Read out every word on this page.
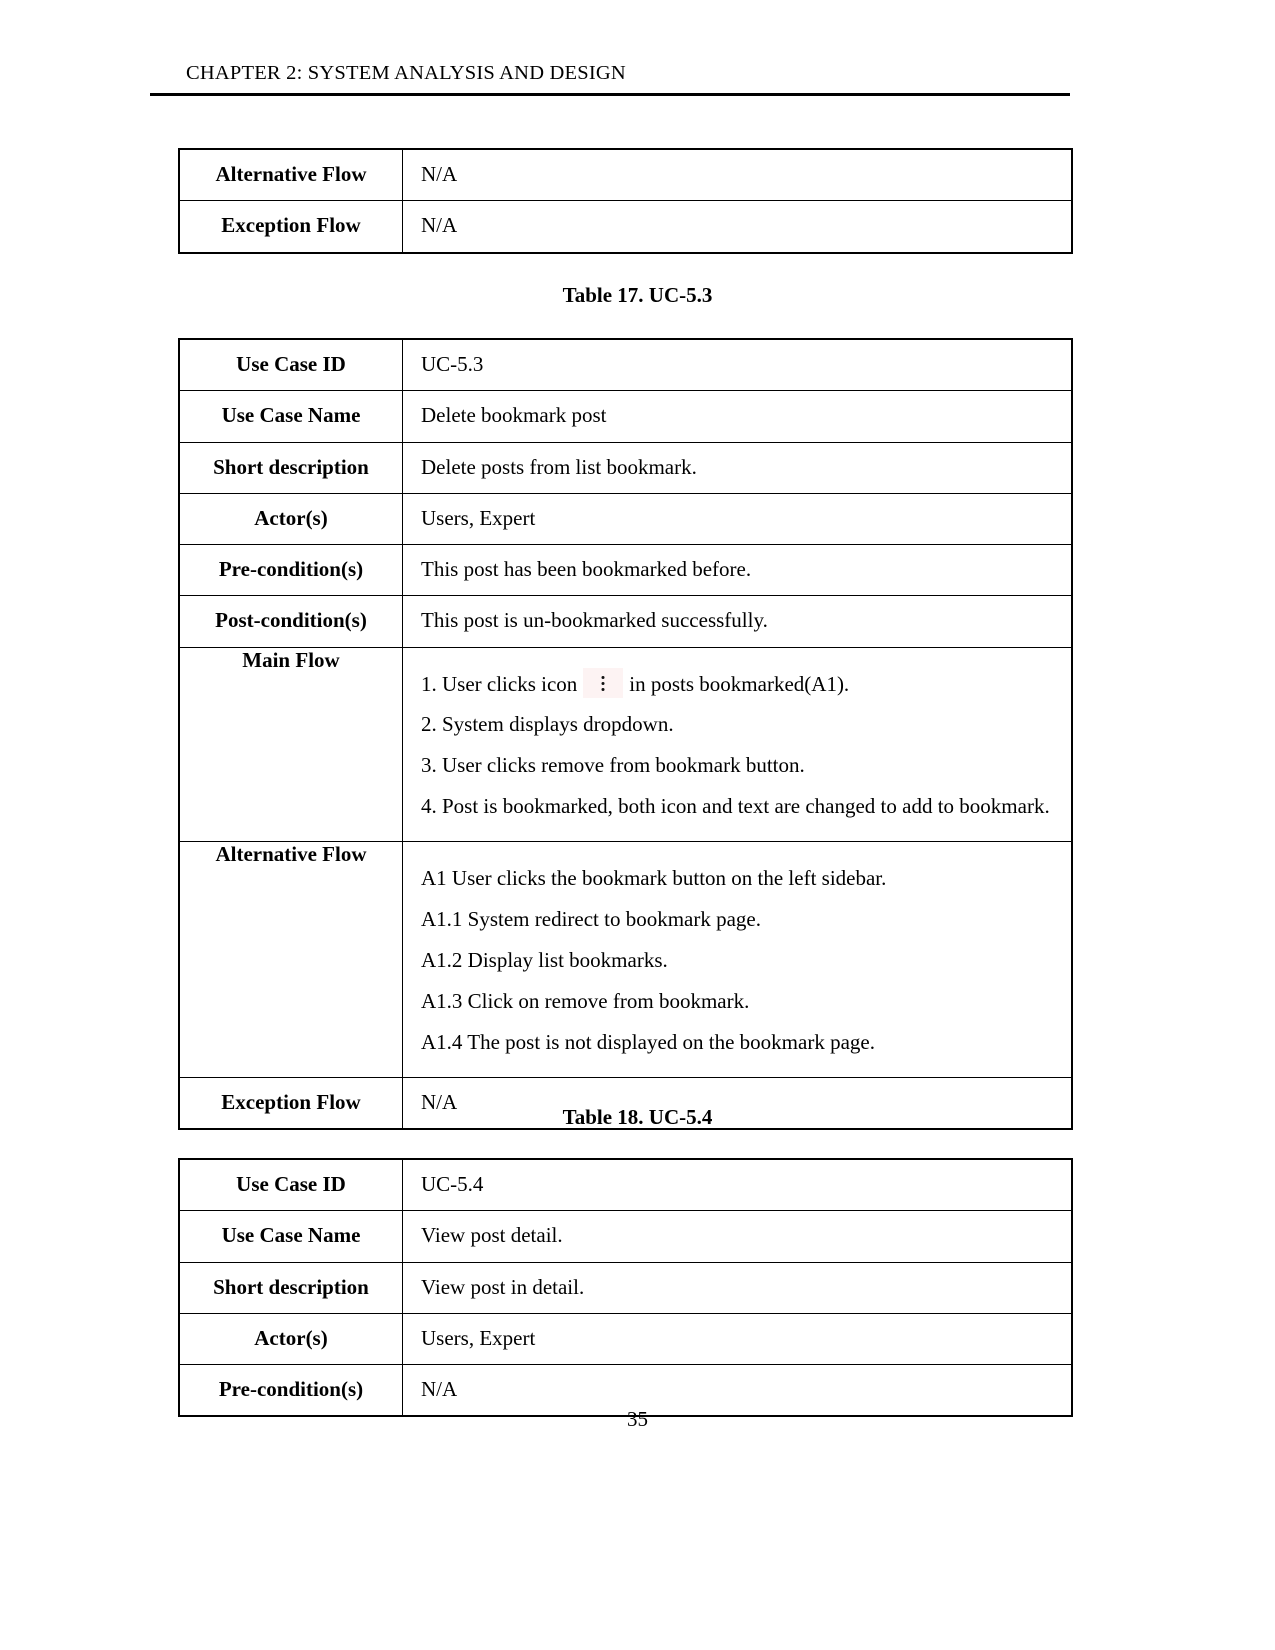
CHAPTER 2: SYSTEM ANALYSIS AND DESIGN
Alternative Flow	N/A

Exception Flow	N/A
Table 17. UC-5.3
Use Case ID	UC-5.3

Use Case Name	Delete bookmark post

Short description	Delete posts from list bookmark.

Actor(s)	Users, Expert

Pre-condition(s)	This post has been bookmarked before.

Post-condition(s)	This post is un-bookmarked successfully.

Main Flow	1. User clicks icon in posts bookmarked(A1).
2. System displays dropdown.
3. User clicks remove from bookmark button.
4. Post is bookmarked, both icon and text are changed to add to bookmark.

Alternative Flow	A1 User clicks the bookmark button on the left sidebar.
A1.1 System redirect to bookmark page.
A1.2 Display list bookmarks.
A1.3 Click on remove from bookmark.
A1.4 The post is not displayed on the bookmark page.

Exception Flow	N/A
Table 18. UC-5.4
Use Case ID	UC-5.4

Use Case Name	View post detail.

Short description	View post in detail.

Actor(s)	Users, Expert

Pre-condition(s)	N/A
35
